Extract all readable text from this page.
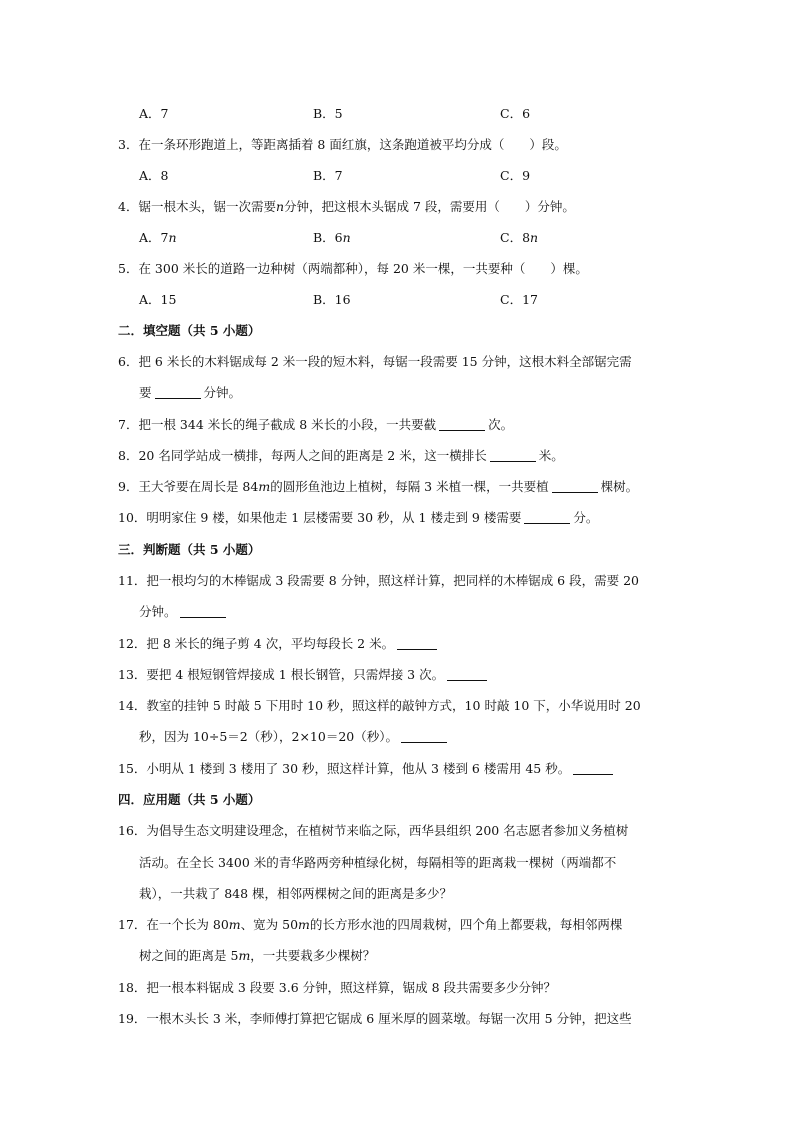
A．7	B．5	C．6
3．在一条环形跑道上，等距离插着 8 面红旗，这条跑道被平均分成（　　）段。
A．8	B．7	C．9
4．锯一根木头，锯一次需要n分钟，把这根木头锯成 7 段，需要用（　　）分钟。
A．7n	B．6n	C．8n
5．在 300 米长的道路一边种树（两端都种），每 20 米一棵，一共要种（　　）棵。
A．15	B．16	C．17
二．填空题（共 5 小题）
6．把 6 米长的木料锯成每 2 米一段的短木料，每锯一段需要 15 分钟，这根木料全部锯完需
要	分钟。
7．把一根 344 米长的绳子截成 8 米长的小段，一共要截	次。
8．20 名同学站成一横排，每两人之间的距离是 2 米，这一横排长	米。
9．王大爷要在周长是 84m的圆形鱼池边上植树，每隔 3 米植一棵，一共要植	棵树。
10．明明家住 9 楼，如果他走 1 层楼需要 30 秒，从 1 楼走到 9 楼需要	分。
三．判断题（共 5 小题）
11．把一根均匀的木棒锯成 3 段需要 8 分钟，照这样计算，把同样的木棒锯成 6 段，需要 20
分钟。
12．把 8 米长的绳子剪 4 次，平均每段长 2 米。
13．要把 4 根短钢管焊接成 1 根长钢管，只需焊接 3 次。
14．教室的挂钟 5 时敲 5 下用时 10 秒，照这样的敲钟方式，10 时敲 10 下，小华说用时 20
秒，因为 10÷5＝2（秒），2×10＝20（秒）。
15．小明从 1 楼到 3 楼用了 30 秒，照这样计算，他从 3 楼到 6 楼需用 45 秒。
四．应用题（共 5 小题）
16．为倡导生态文明建设理念，在植树节来临之际，西华县组织 200 名志愿者参加义务植树
活动。在全长 3400 米的青华路两旁种植绿化树，每隔相等的距离栽一棵树（两端都不
栽），一共栽了 848 棵，相邻两棵树之间的距离是多少？
17．在一个长为 80m、宽为 50m的长方形水池的四周栽树，四个角上都要栽，每相邻两棵
树之间的距离是 5m，一共要栽多少棵树？
18．把一根本料锯成 3 段要 3.6 分钟，照这样算，锯成 8 段共需要多少分钟？
19．一根木头长 3 米，李师傅打算把它锯成 6 厘米厚的圆菜墩。每锯一次用 5 分钟，把这些
